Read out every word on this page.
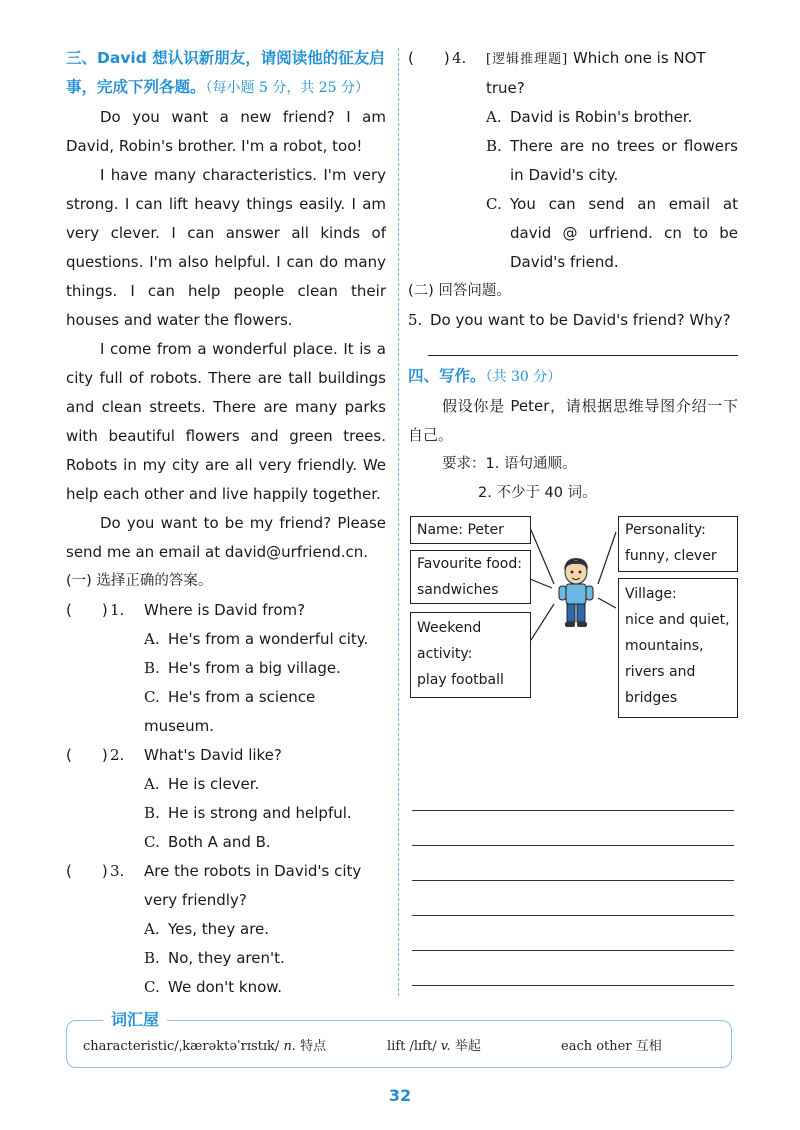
三、David 想认识新朋友，请阅读他的征友启事，完成下列各题。（每小题 5 分，共 25 分）
Do you want a new friend? I am David, Robin's brother. I'm a robot, too!
I have many characteristics. I'm very strong. I can lift heavy things easily. I am very clever. I can answer all kinds of questions. I'm also helpful. I can do many things. I can help people clean their houses and water the flowers.
I come from a wonderful place. It is a city full of robots. There are tall buildings and clean streets. There are many parks with beautiful flowers and green trees. Robots in my city are all very friendly. We help each other and live happily together.
Do you want to be my friend? Please send me an email at david@urfriend.cn.
(一) 选择正确的答案。
(　　) 1. Where is David from?
A. He's from a wonderful city.
B. He's from a big village.
C. He's from a science museum.
(　　) 2. What's David like?
A. He is clever.
B. He is strong and helpful.
C. Both A and B.
(　　) 3. Are the robots in David's city very friendly?
A. Yes, they are.
B. No, they aren't.
C. We don't know.
(　　) 4. [逻辑推理题] Which one is NOT true?
A. David is Robin's brother.
B. There are no trees or flowers in David's city.
C. You can send an email at david @ urfriend. cn to be David's friend.
(二) 回答问题。
5. Do you want to be David's friend? Why?
四、写作。（共 30 分）
假设你是 Peter，请根据思维导图介绍一下自己。
要求：1. 语句通顺。
2. 不少于 40 词。
Name: Peter
Favourite food:
sandwiches
Weekend activity:
play football
Personality:
funny, clever
Village:
nice and quiet, mountains, rivers and bridges
词汇屋
characteristic/ˌkærəktəˈrɪstɪk/ n. 特点	lift /lɪft/ v. 举起	each other 互相
32
